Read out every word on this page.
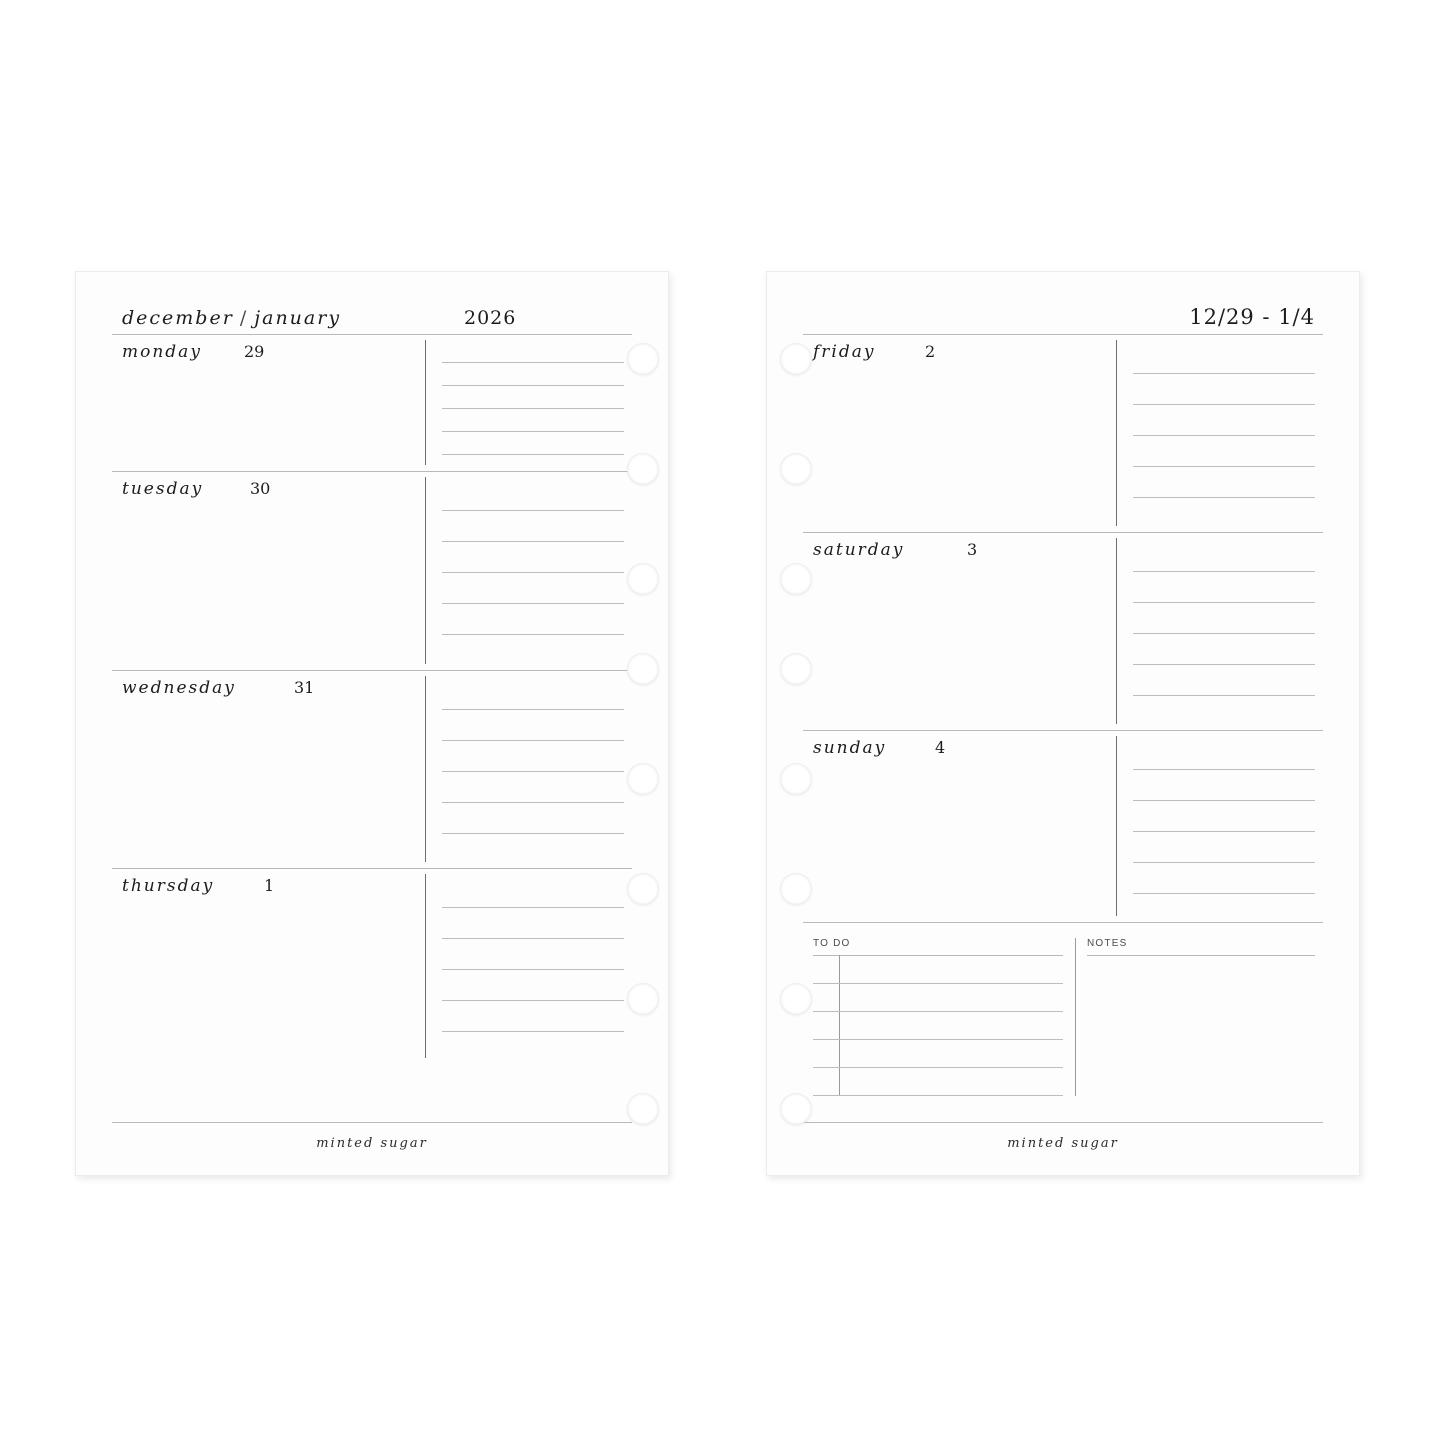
december / january	2026
monday	29
tuesday	30
wednesday	31
thursday	1
minted sugar
12/29 - 1/4
friday	2
saturday	3
sunday	4
TO DO	NOTES
minted sugar
